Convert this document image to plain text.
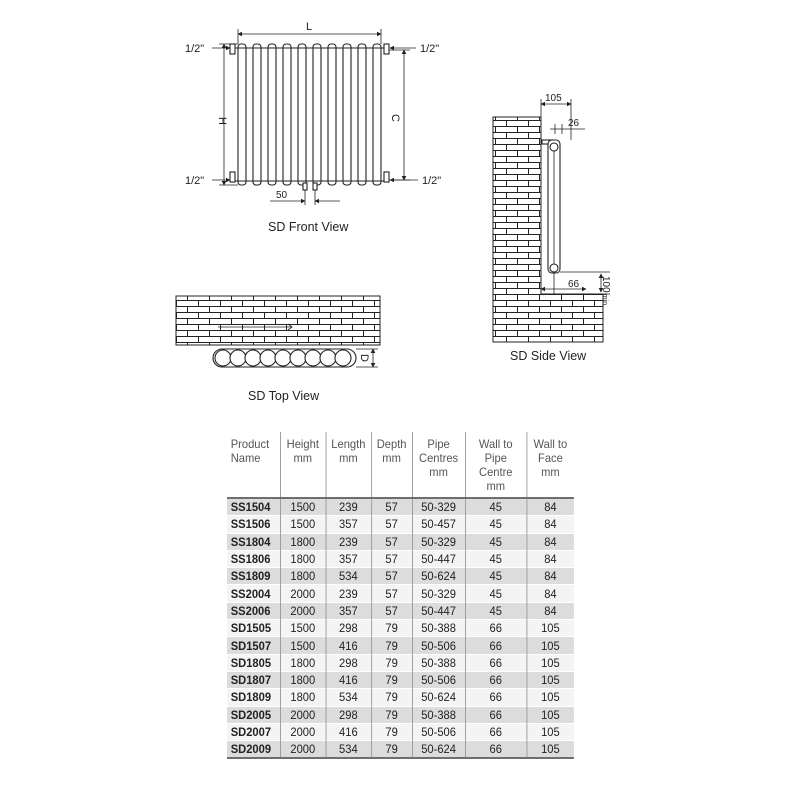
L
H	C
1/2"	1/2"
1/2"	1/2"
50
SD Front View
D
SD Top View
105
26
66 100min
SD Side View
Product
Name	Height
mm	Length
mm	Depth
mm	Pipe
Centres
mm	Wall to
Pipe Centre
mm	Wall to
Face
mm
SS1504	1500	239	57	50-329	45	84
SS1506	1500	357	57	50-457	45	84
SS1804	1800	239	57	50-329	45	84
SS1806	1800	357	57	50-447	45	84
SS1809	1800	534	57	50-624	45	84
SS2004	2000	239	57	50-329	45	84
SS2006	2000	357	57	50-447	45	84
SD1505	1500	298	79	50-388	66	105
SD1507	1500	416	79	50-506	66	105
SD1805	1800	298	79	50-388	66	105
SD1807	1800	416	79	50-506	66	105
SD1809	1800	534	79	50-624	66	105
SD2005	2000	298	79	50-388	66	105
SD2007	2000	416	79	50-506	66	105
SD2009	2000	534	79	50-624	66	105
